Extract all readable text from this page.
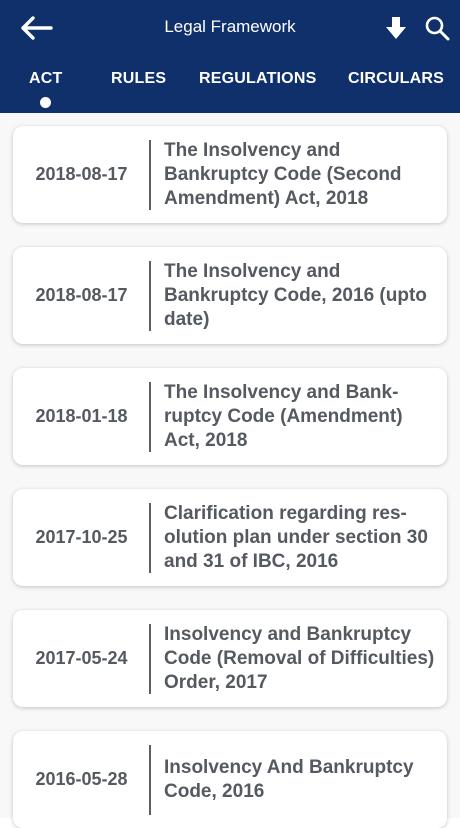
Legal Framework
ACT	RULES REGULATIONS CIRCULARS
2018-08-17
The Insolvency and Bankruptcy Code (Second Amendment) Act, 2018
2018-08-17
The Insolvency and Bankruptcy Code, 2016 (upto date)
2018-01-18
The Insolvency and Bank-ruptcy Code (Amendment) Act, 2018
2017-10-25
Clarification regarding res-olution plan under section 30 and 31 of IBC, 2016
2017-05-24
Insolvency and Bankruptcy Code (Removal of Difficulties) Order, 2017
2016-05-28
Insolvency And Bankruptcy Code, 2016
